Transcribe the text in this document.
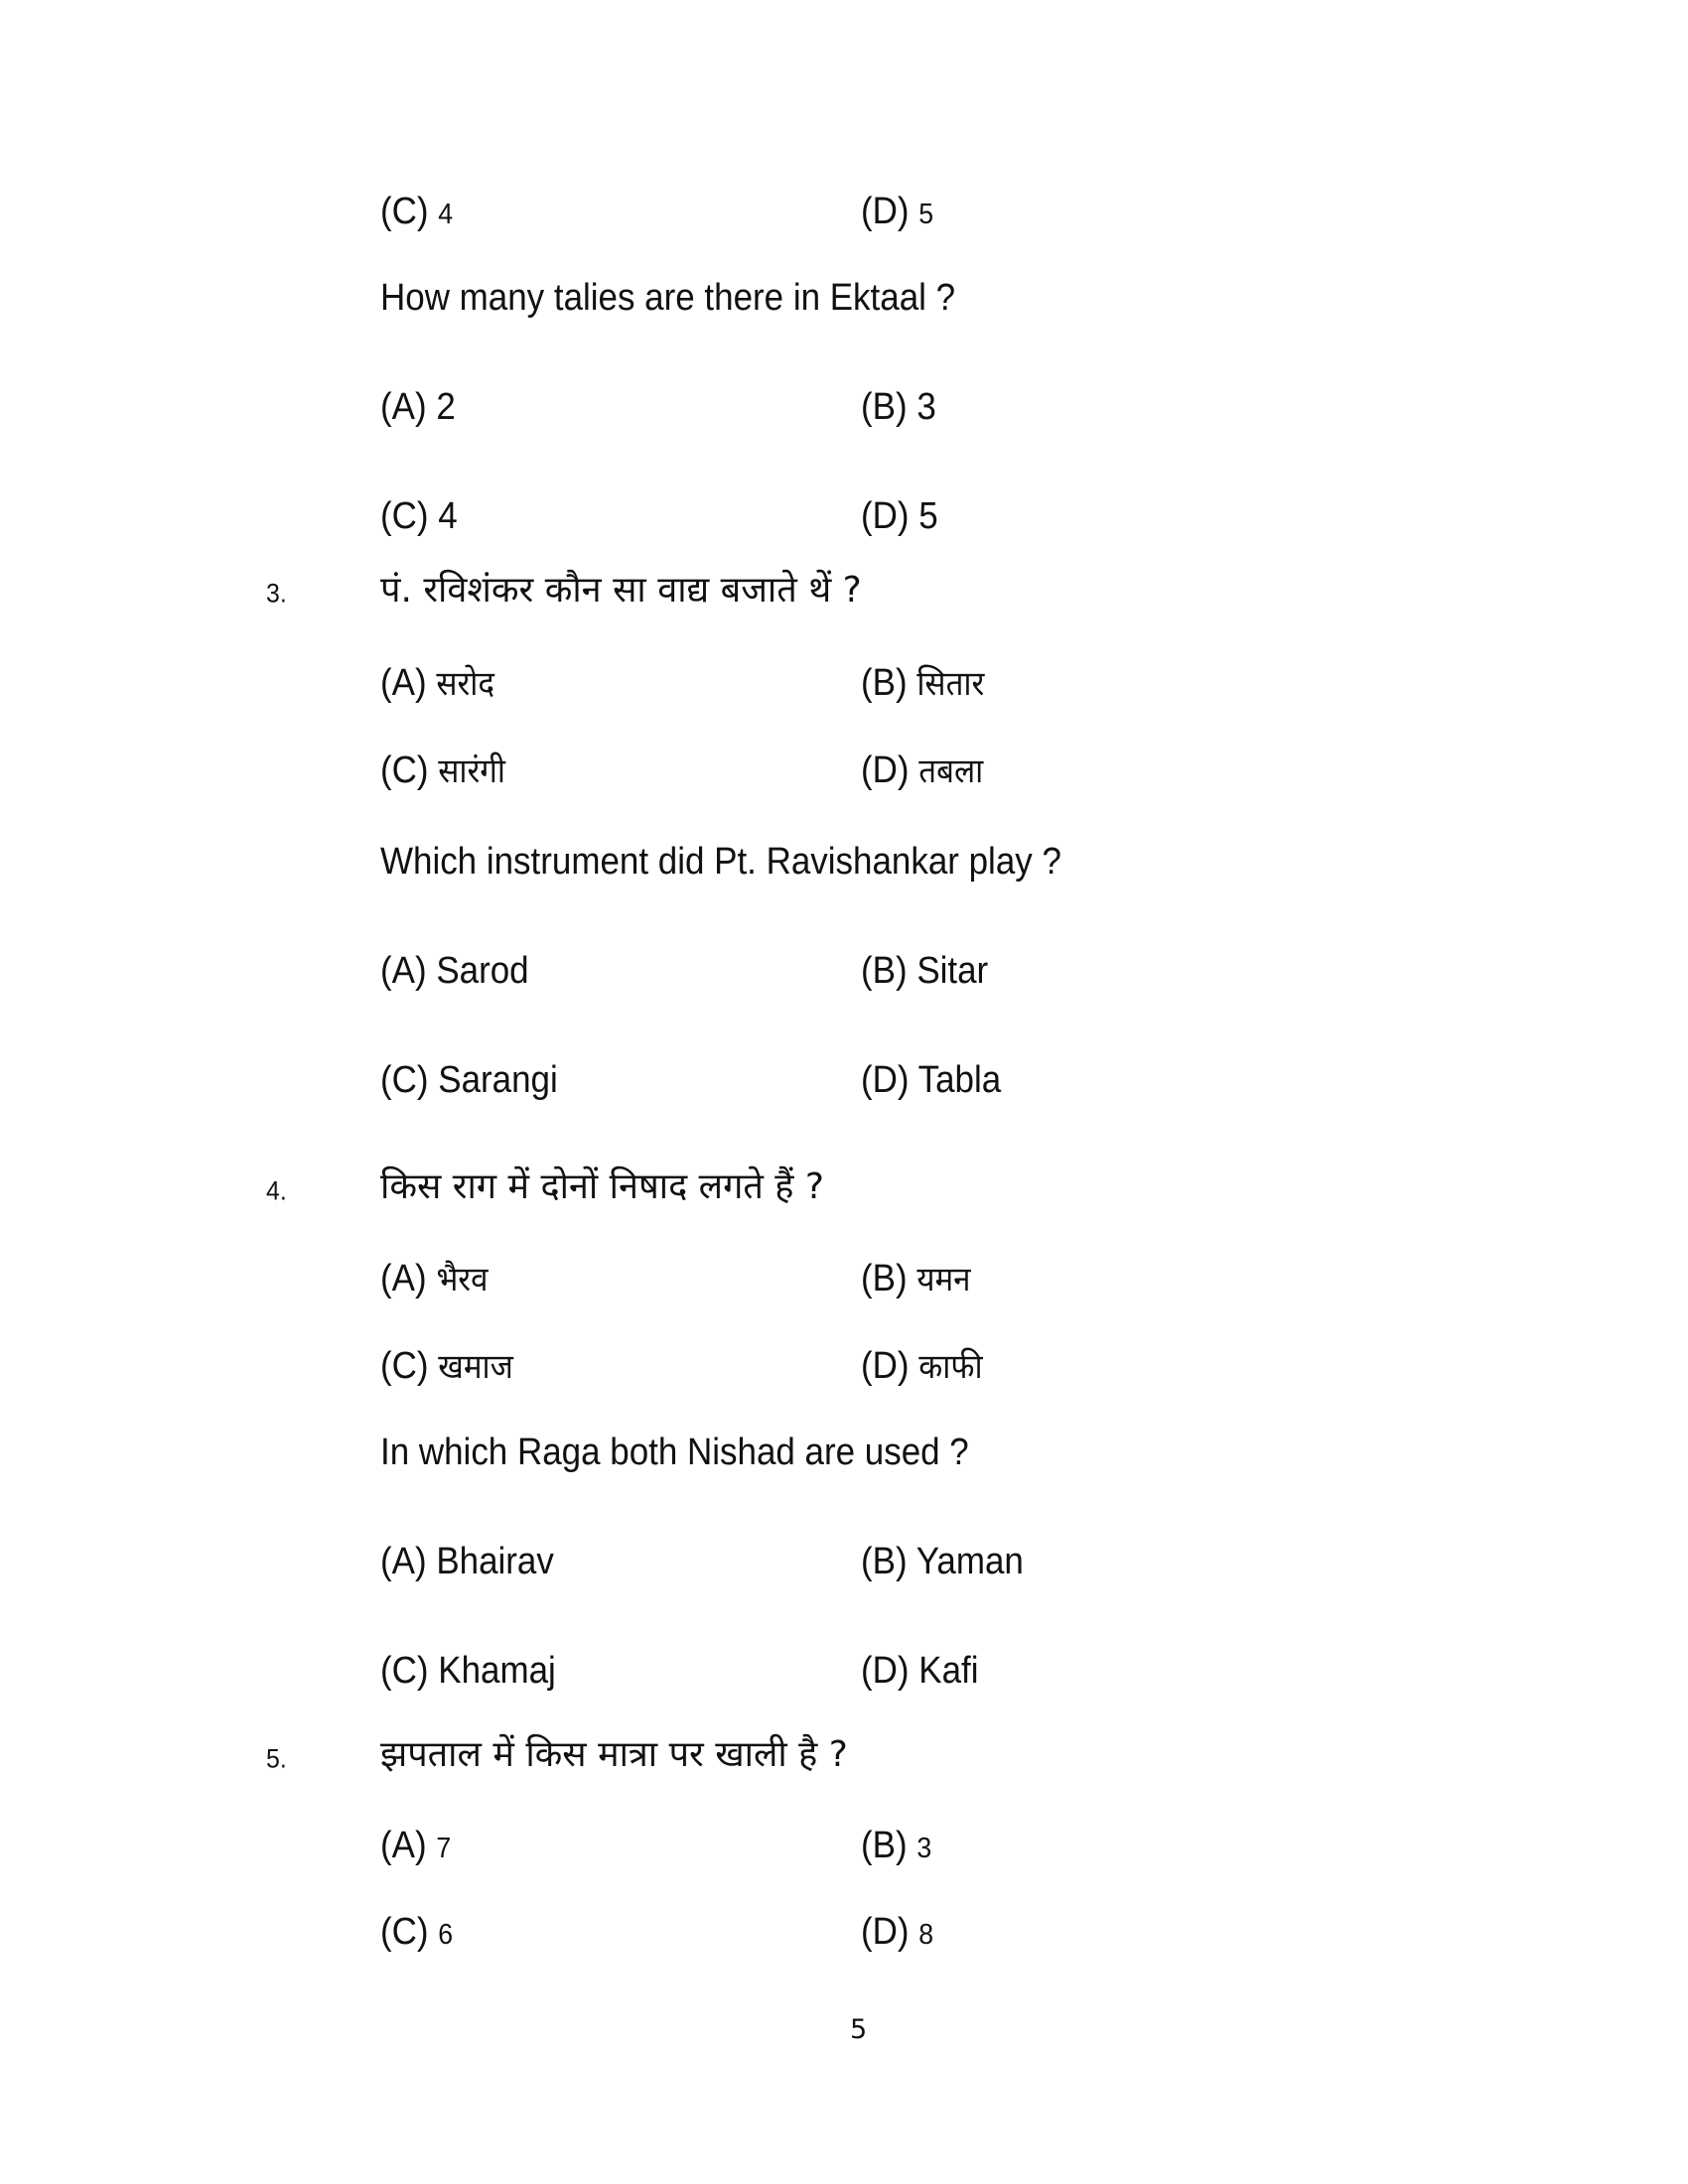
(C) 4	(D) 5
How many talies are there in Ektaal ?
(A) 2	(B) 3
(C) 4	(D) 5
3.	पं. रविशंकर कौन सा वाद्य बजाते थें ?
(A) सरोद	(B) सितार
(C) सारंगी	(D) तबला
Which instrument did Pt. Ravishankar play ?
(A) Sarod	(B) Sitar
(C) Sarangi	(D) Tabla
4.	किस राग में दोनों निषाद लगते हैं ?
(A) भैरव	(B) यमन
(C) खमाज	(D) काफी
In which Raga both Nishad are used ?
(A) Bhairav	(B) Yaman
(C) Khamaj	(D) Kafi
5.	झपताल में किस मात्रा पर खाली है ?
(A) 7	(B) 3
(C) 6	(D) 8
5
